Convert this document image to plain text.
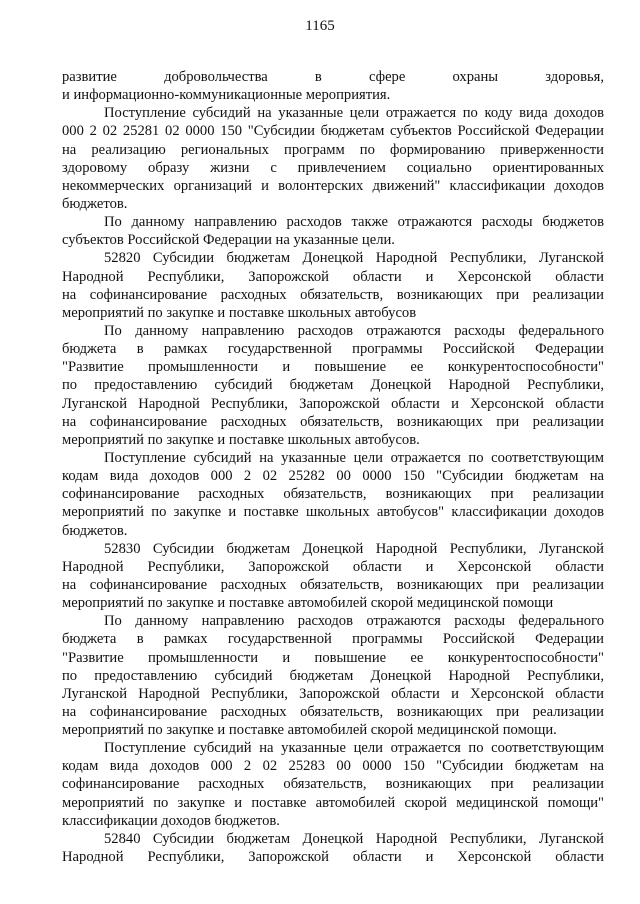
1165
развитие добровольчества в сфере охраны здоровья,
и информационно-коммуникационные мероприятия.
Поступление субсидий на указанные цели отражается по коду вида доходов
000 2 02 25281 02 0000 150 "Субсидии бюджетам субъектов Российской Федерации
на реализацию региональных программ по формированию приверженности
здоровому образу жизни с привлечением социально ориентированных
некоммерческих организаций и волонтерских движений" классификации доходов
бюджетов.
По данному направлению расходов также отражаются расходы бюджетов
субъектов Российской Федерации на указанные цели.
52820 Субсидии бюджетам Донецкой Народной Республики, Луганской
Народной Республики, Запорожской области и Херсонской области
на софинансирование расходных обязательств, возникающих при реализации
мероприятий по закупке и поставке школьных автобусов
По данному направлению расходов отражаются расходы федерального
бюджета в рамках государственной программы Российской Федерации
"Развитие промышленности и повышение ее конкурентоспособности"
по предоставлению субсидий бюджетам Донецкой Народной Республики,
Луганской Народной Республики, Запорожской области и Херсонской области
на софинансирование расходных обязательств, возникающих при реализации
мероприятий по закупке и поставке школьных автобусов.
Поступление субсидий на указанные цели отражается по соответствующим
кодам вида доходов 000 2 02 25282 00 0000 150 "Субсидии бюджетам на
софинансирование расходных обязательств, возникающих при реализации
мероприятий по закупке и поставке школьных автобусов" классификации доходов
бюджетов.
52830 Субсидии бюджетам Донецкой Народной Республики, Луганской
Народной Республики, Запорожской области и Херсонской области
на софинансирование расходных обязательств, возникающих при реализации
мероприятий по закупке и поставке автомобилей скорой медицинской помощи
По данному направлению расходов отражаются расходы федерального
бюджета в рамках государственной программы Российской Федерации
"Развитие промышленности и повышение ее конкурентоспособности"
по предоставлению субсидий бюджетам Донецкой Народной Республики,
Луганской Народной Республики, Запорожской области и Херсонской области
на софинансирование расходных обязательств, возникающих при реализации
мероприятий по закупке и поставке автомобилей скорой медицинской помощи.
Поступление субсидий на указанные цели отражается по соответствующим
кодам вида доходов 000 2 02 25283 00 0000 150 "Субсидии бюджетам на
софинансирование расходных обязательств, возникающих при реализации
мероприятий по закупке и поставке автомобилей скорой медицинской помощи"
классификации доходов бюджетов.
52840 Субсидии бюджетам Донецкой Народной Республики, Луганской
Народной Республики, Запорожской области и Херсонской области
